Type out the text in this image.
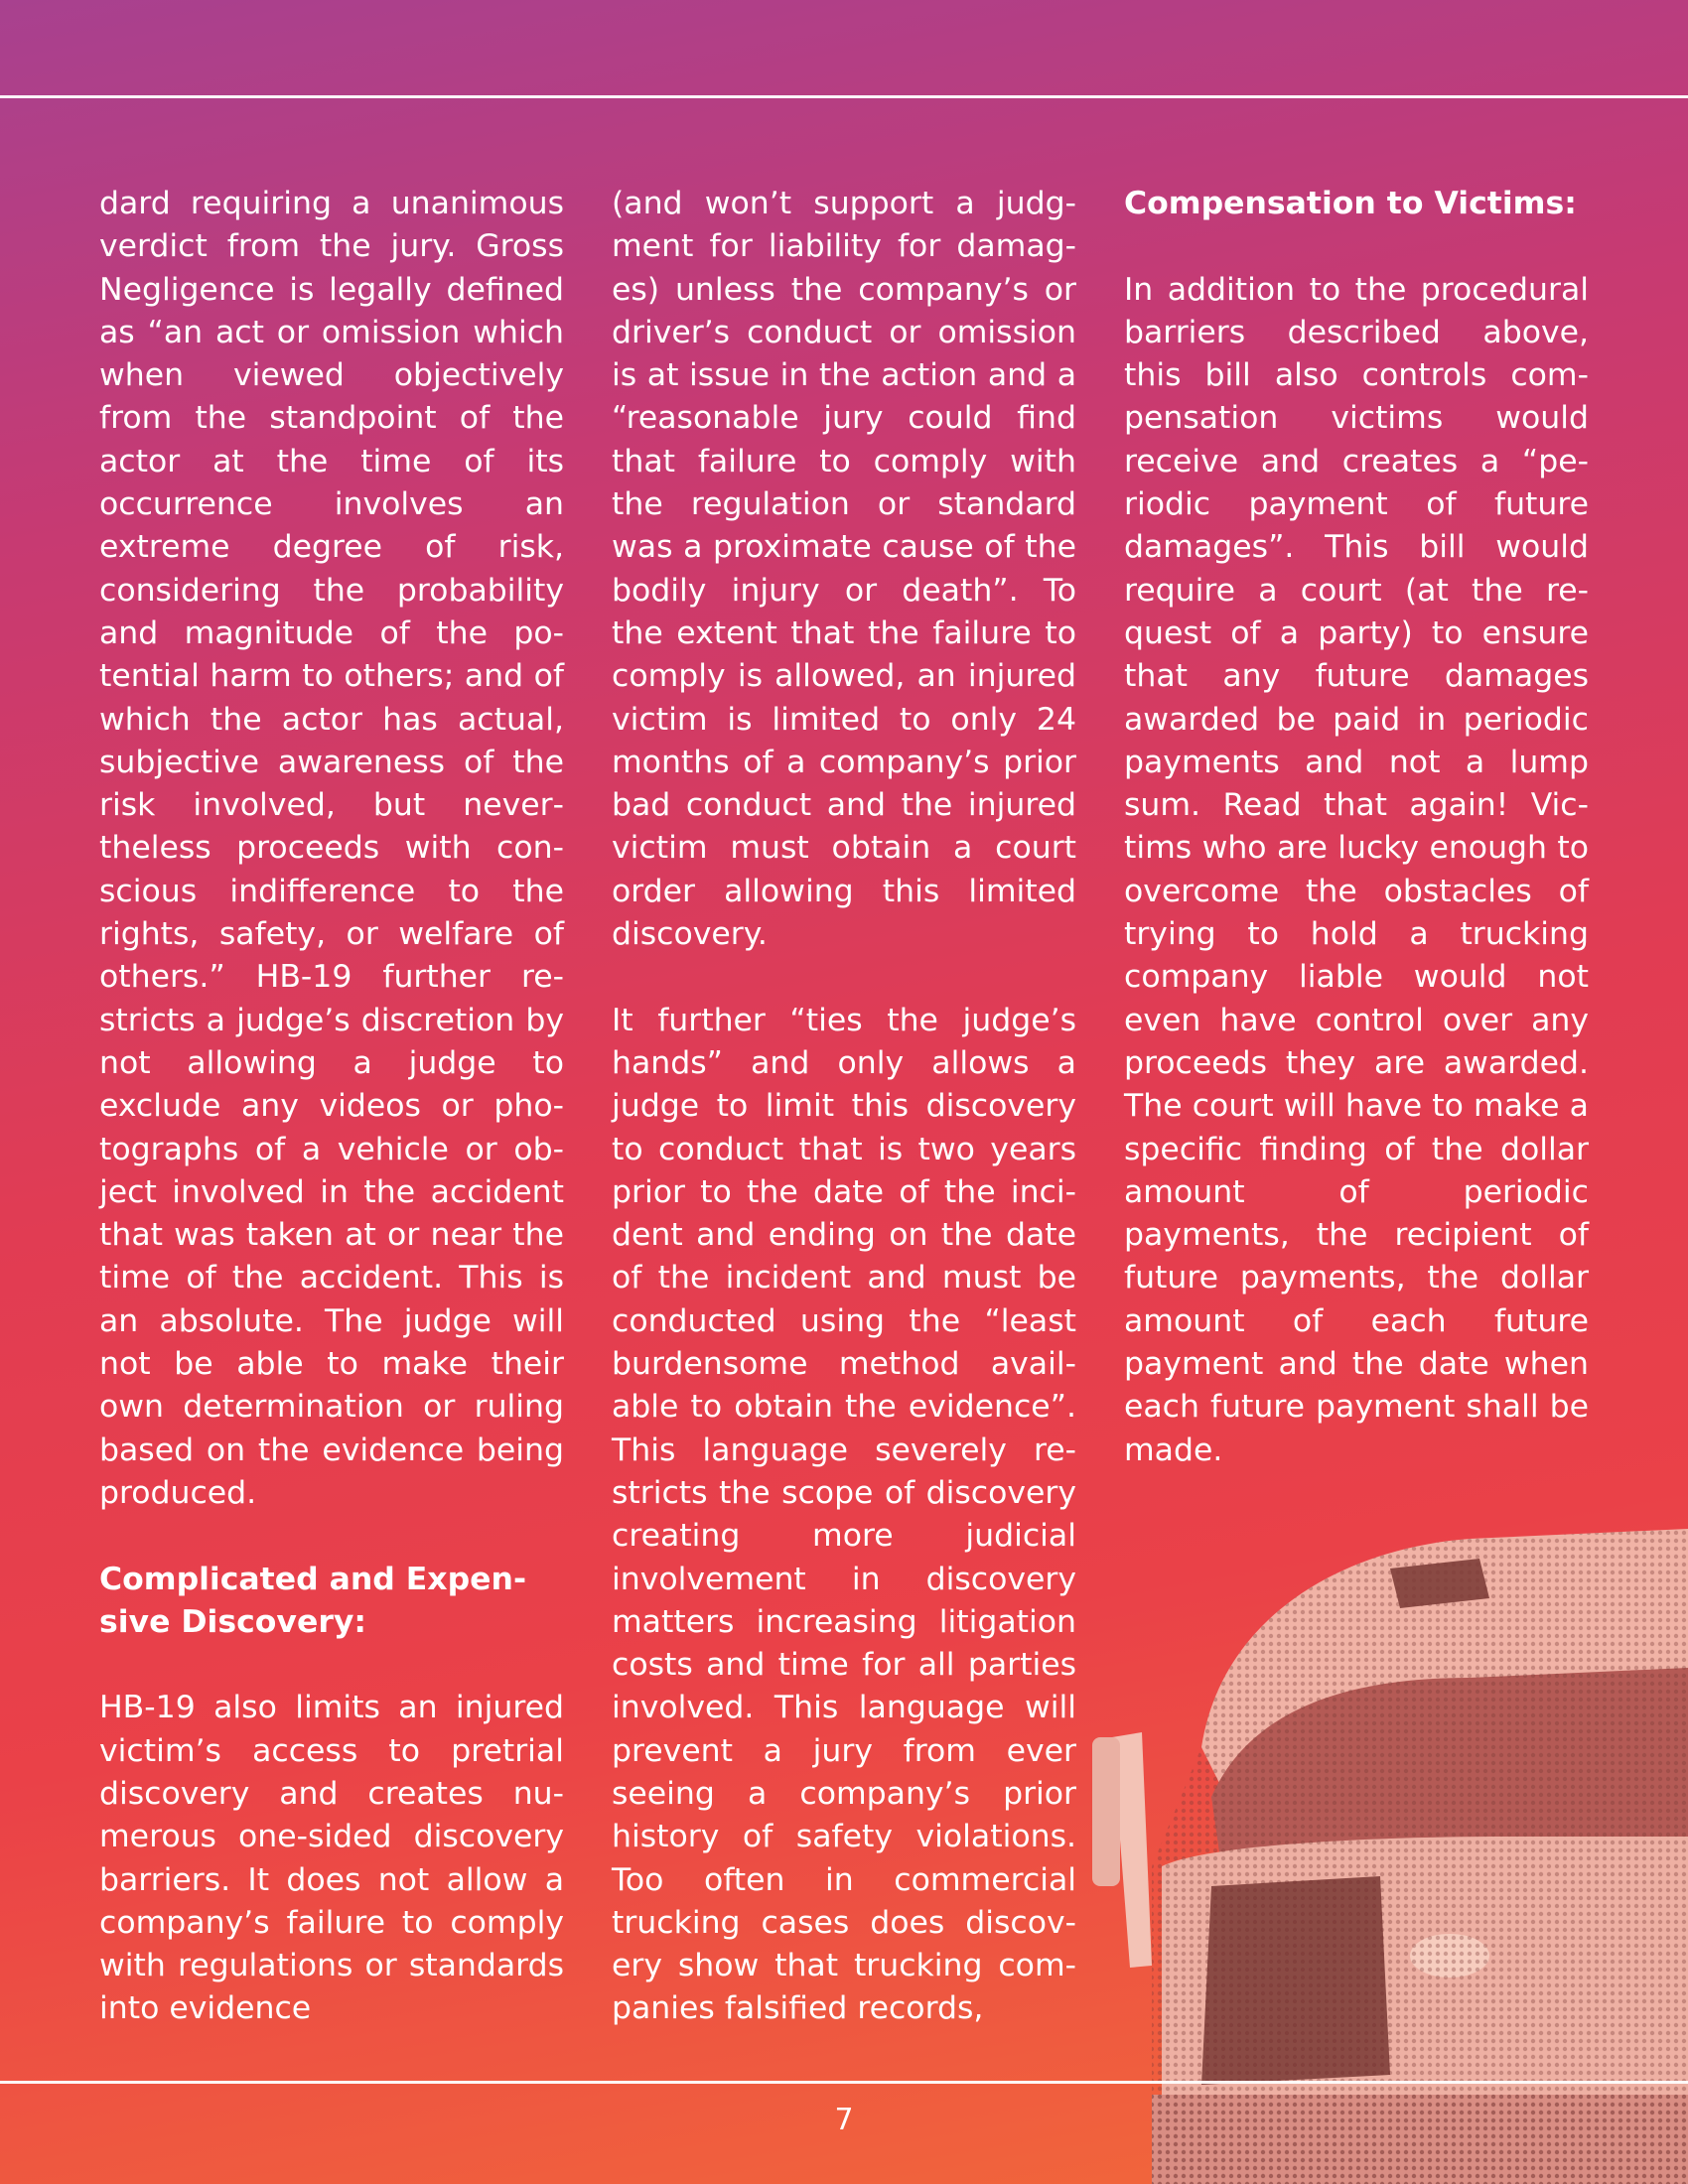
dard requiring a unanimous verdict from the jury. Gross Negligence is legally defined as “an act or omission which when viewed objectively from the standpoint of the actor at the time of its occurrence involves an extreme degree of risk, considering the probability and magnitude of the potential harm to others; and of which the actor has actual, subjective awareness of the risk involved, but nevertheless proceeds with conscious indifference to the rights, safety, or welfare of others.” HB-19 further restricts a judge’s discretion by not allowing a judge to exclude any videos or photographs of a vehicle or object involved in the accident that was taken at or near the time of the accident. This is an absolute. The judge will not be able to make their own determination or ruling based on the evidence being produced.

Complicated and Expensive Discovery:

HB-19 also limits an injured victim’s access to pretrial discovery and creates numerous one-sided discovery barriers. It does not allow a company’s failure to comply with regulations or standards into evidence

(and won’t support a judgment for liability for damages) unless the company’s or driver’s conduct or omission is at issue in the action and a “reasonable jury could find that failure to comply with the regulation or standard was a proximate cause of the bodily injury or death”. To the extent that the failure to comply is allowed, an injured victim is limited to only 24 months of a company’s prior bad conduct and the injured victim must obtain a court order allowing this limited discovery.

It further “ties the judge’s hands” and only allows a judge to limit this discovery to conduct that is two years prior to the date of the incident and ending on the date of the incident and must be conducted using the “least burdensome method available to obtain the evidence”. This language severely restricts the scope of discovery creating more judicial involvement in discovery matters increasing litigation costs and time for all parties involved. This language will prevent a jury from ever seeing a company’s prior history of safety violations. Too often in commercial trucking cases does discovery show that trucking companies falsified records,

Compensation to Victims:

In addition to the procedural barriers described above, this bill also controls compensation victims would receive and creates a “periodic payment of future damages”. This bill would require a court (at the request of a party) to ensure that any future damages awarded be paid in periodic payments and not a lump sum. Read that again! Victims who are lucky enough to overcome the obstacles of trying to hold a trucking company liable would not even have control over any proceeds they are awarded. The court will have to make a specific finding of the dollar amount of periodic payments, the recipient of future payments, the dollar amount of each future payment and the date when each future payment shall be made.

7
